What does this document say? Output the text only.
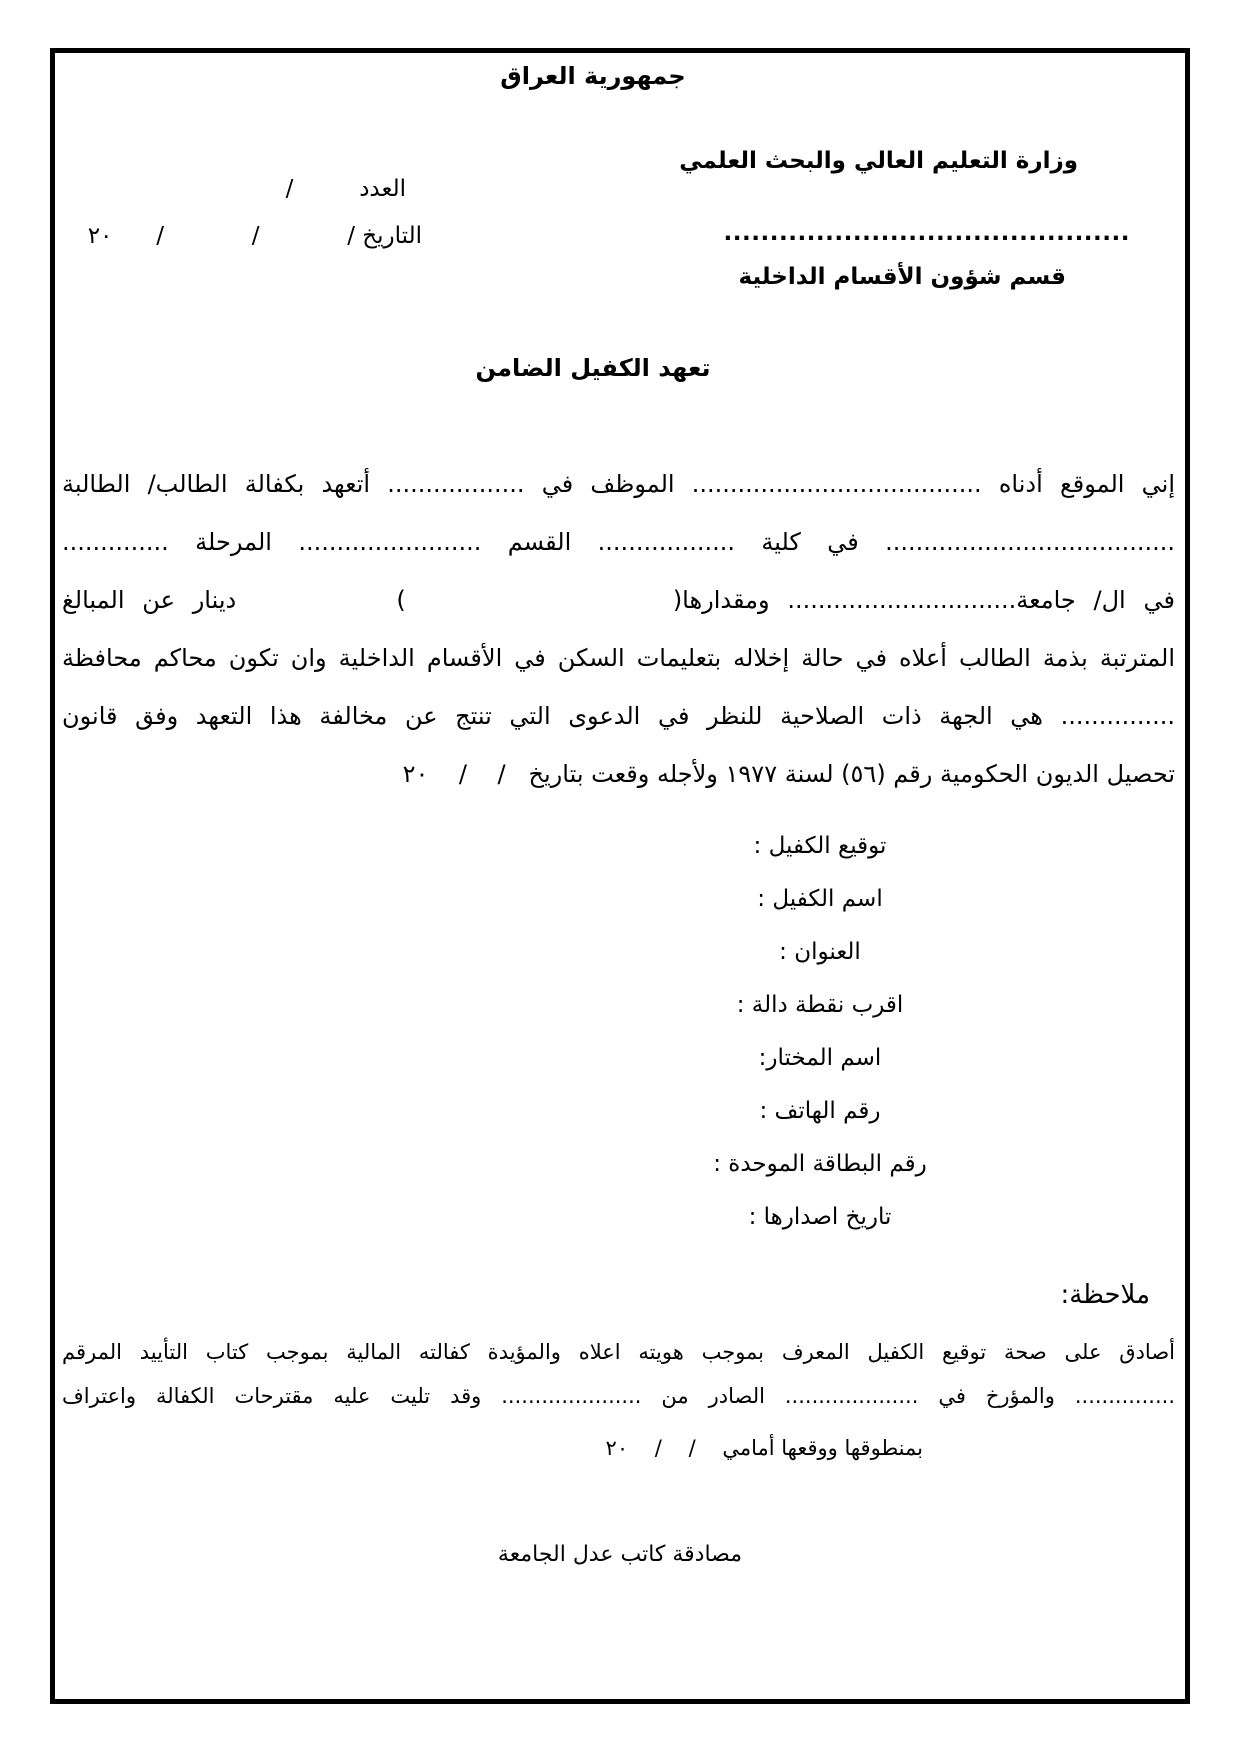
جمهورية العراق
وزارة التعليم العالي والبحث العلمي
العدد         /
............................................
التاريخ /            /            /      ٢٠
قسم شؤون الأقسام الداخلية
تعهد الكفيل الضامن
إني الموقع أدناه ...................................... الموظف في .................. أتعهد بكفالة الطالب/ الطالبة
...................................... في كلية .................. القسم ........................ المرحلة ..............
في ال/ جامعة.............................. ومقدارها(               )         دينار عن المبالغ
المترتبة بذمة الطالب أعلاه في حالة إخلاله بتعليمات السكن في الأقسام الداخلية وان تكون محاكم محافظة
............... هي الجهة ذات الصلاحية للنظر في الدعوى التي تنتج عن مخالفة هذا التعهد وفق قانون
تحصيل الديون الحكومية رقم (٥٦) لسنة ١٩٧٧ ولأجله وقعت بتاريخ   /    /    ٢٠
توقيع الكفيل :
اسم الكفيل :
العنوان :
اقرب نقطة دالة :
اسم المختار:
رقم الهاتف :
رقم البطاقة الموحدة :
تاريخ اصدارها :
ملاحظة:
أصادق على صحة توقيع الكفيل المعرف بموجب هويته اعلاه والمؤيدة كفالته المالية بموجب كتاب التأييد المرقم
............... والمؤرخ في .................... الصادر من ..................... وقد تليت عليه مقترحات الكفالة واعتراف
بمنطوقها ووقعها أمامي    /    /    ٢٠
مصادقة كاتب عدل الجامعة
